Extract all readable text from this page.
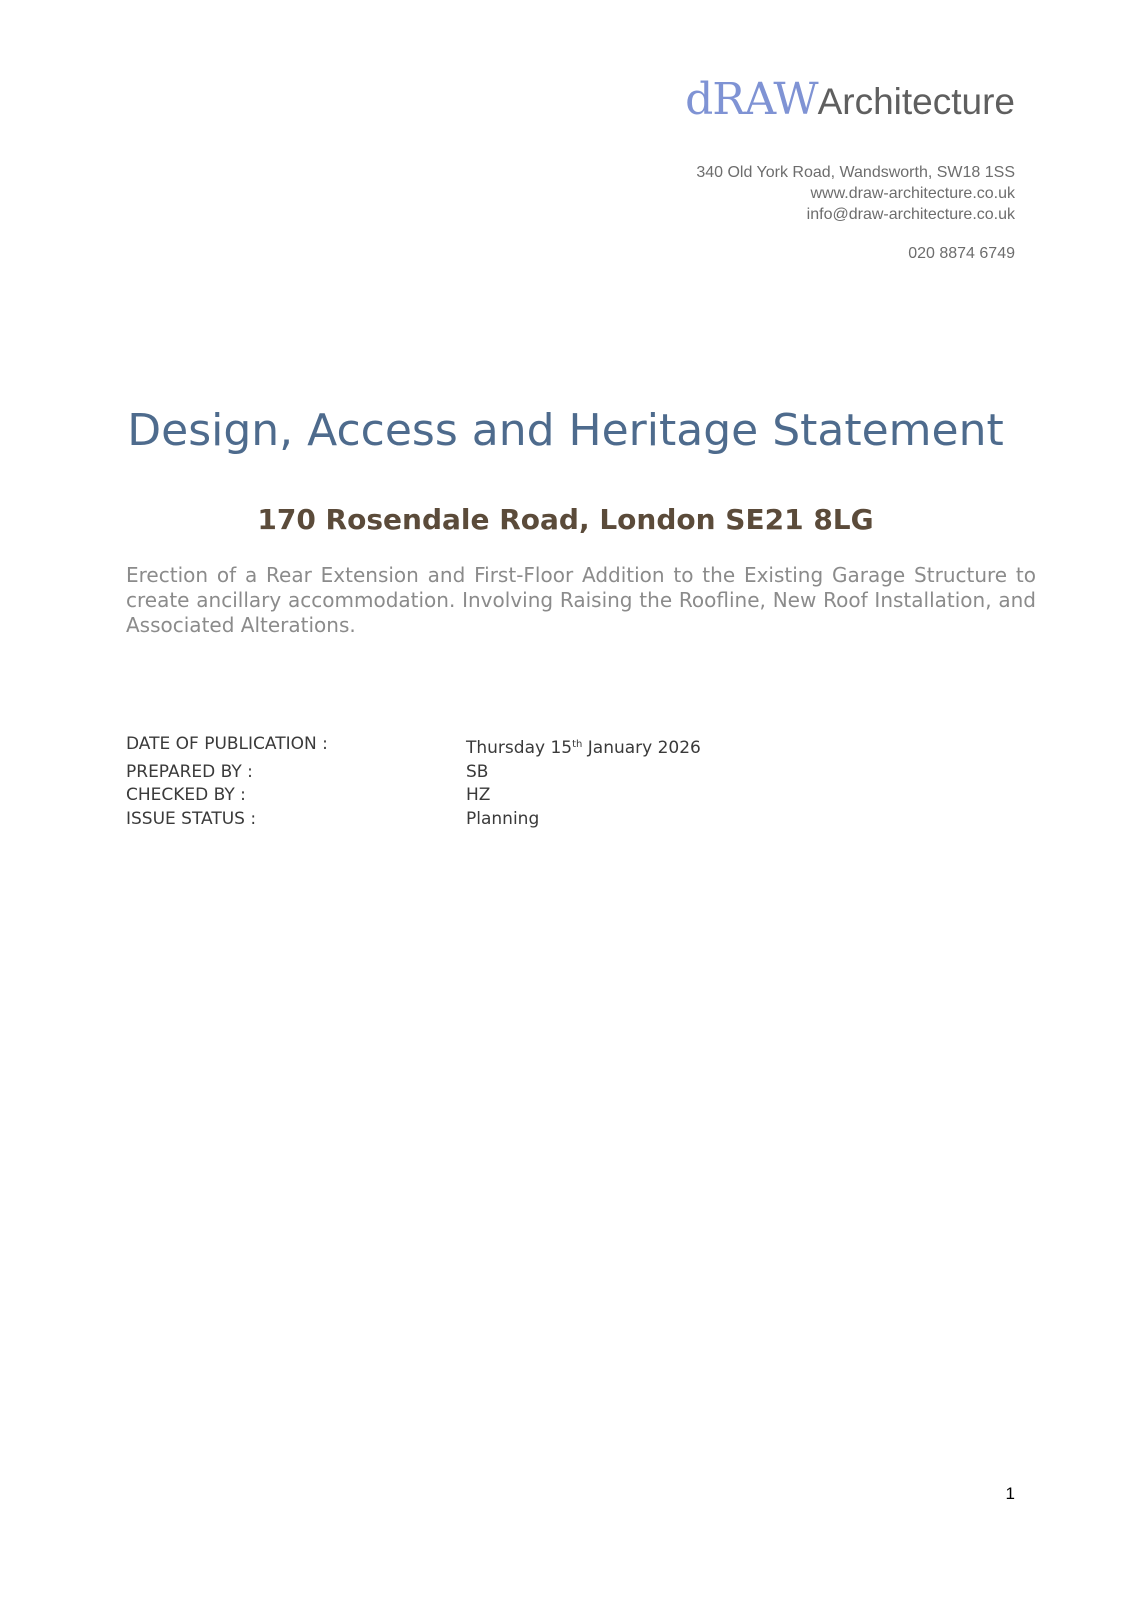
dRAWArchitecture
340 Old York Road, Wandsworth, SW18 1SS
www.draw-architecture.co.uk
info@draw-architecture.co.uk
020 8874 6749
Design, Access and Heritage Statement
170 Rosendale Road, London SE21 8LG

Erection of a Rear Extension and First-Floor Addition to the Existing Garage Structure to create ancillary accommodation. Involving Raising the Roofline, New Roof Installation, and Associated Alterations.

DATE OF PUBLICATION :	Thursday 15th January 2026
PREPARED BY :	SB
CHECKED BY :	HZ
ISSUE STATUS :	Planning
1
